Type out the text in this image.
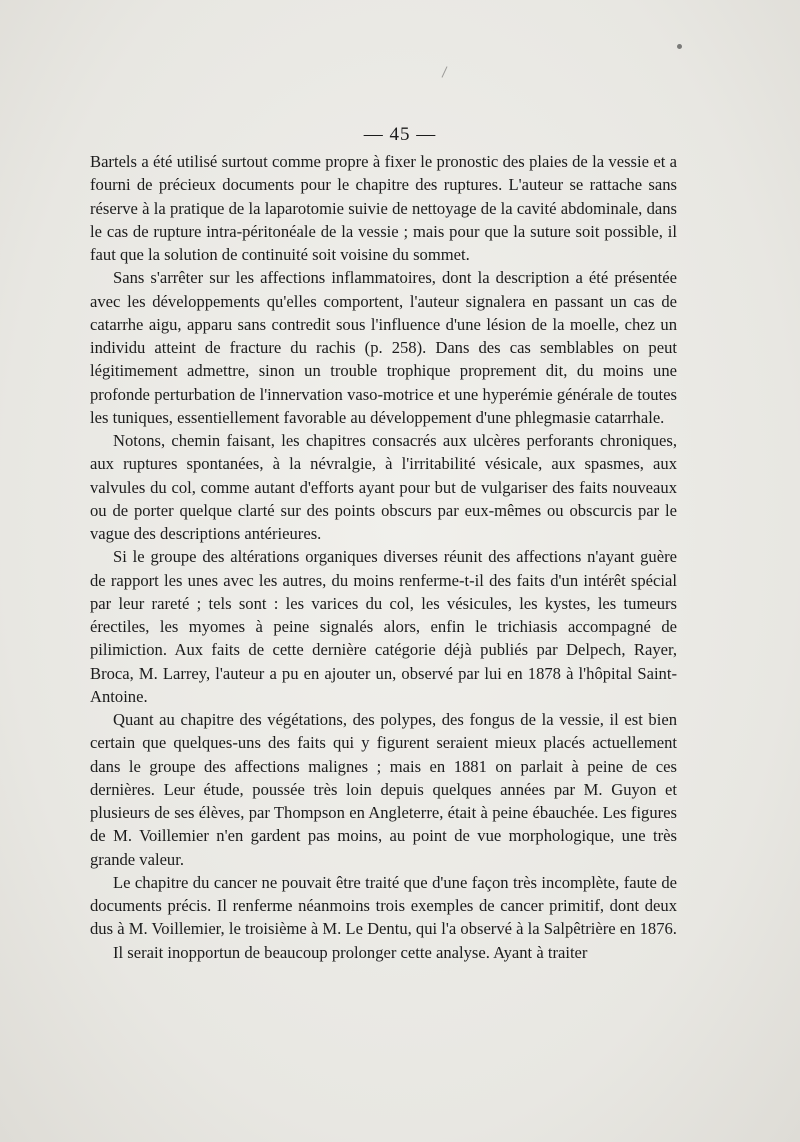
— 45 —

Bartels a été utilisé surtout comme propre à fixer le pronostic des plaies de la vessie et a fourni de précieux documents pour le chapitre des ruptures. L'auteur se rattache sans réserve à la pratique de la laparotomie suivie de nettoyage de la cavité abdominale, dans le cas de rupture intra-péritonéale de la vessie ; mais pour que la suture soit possible, il faut que la solution de continuité soit voisine du sommet.

Sans s'arrêter sur les affections inflammatoires, dont la description a été présentée avec les développements qu'elles comportent, l'auteur signalera en passant un cas de catarrhe aigu, apparu sans contredit sous l'influence d'une lésion de la moelle, chez un individu atteint de fracture du rachis (p. 258). Dans des cas semblables on peut légitimement admettre, sinon un trouble trophique proprement dit, du moins une profonde perturbation de l'innervation vaso-motrice et une hyperémie générale de toutes les tuniques, essentiellement favorable au développement d'une phlegmasie catarrhale.

Notons, chemin faisant, les chapitres consacrés aux ulcères perforants chroniques, aux ruptures spontanées, à la névralgie, à l'irritabilité vésicale, aux spasmes, aux valvules du col, comme autant d'efforts ayant pour but de vulgariser des faits nouveaux ou de porter quelque clarté sur des points obscurs par eux-mêmes ou obscurcis par le vague des descriptions antérieures.

Si le groupe des altérations organiques diverses réunit des affections n'ayant guère de rapport les unes avec les autres, du moins renferme-t-il des faits d'un intérêt spécial par leur rareté ; tels sont : les varices du col, les vésicules, les kystes, les tumeurs érectiles, les myomes à peine signalés alors, enfin le trichiasis accompagné de pilimiction. Aux faits de cette dernière catégorie déjà publiés par Delpech, Rayer, Broca, M. Larrey, l'auteur a pu en ajouter un, observé par lui en 1878 à l'hôpital Saint-Antoine.

Quant au chapitre des végétations, des polypes, des fongus de la vessie, il est bien certain que quelques-uns des faits qui y figurent seraient mieux placés actuellement dans le groupe des affections malignes ; mais en 1881 on parlait à peine de ces dernières. Leur étude, poussée très loin depuis quelques années par M. Guyon et plusieurs de ses élèves, par Thompson en Angleterre, était à peine ébauchée. Les figures de M. Voillemier n'en gardent pas moins, au point de vue morphologique, une très grande valeur.

Le chapitre du cancer ne pouvait être traité que d'une façon très incomplète, faute de documents précis. Il renferme néanmoins trois exemples de cancer primitif, dont deux dus à M. Voillemier, le troisième à M. Le Dentu, qui l'a observé à la Salpêtrière en 1876.

Il serait inopportun de beaucoup prolonger cette analyse. Ayant à traiter
